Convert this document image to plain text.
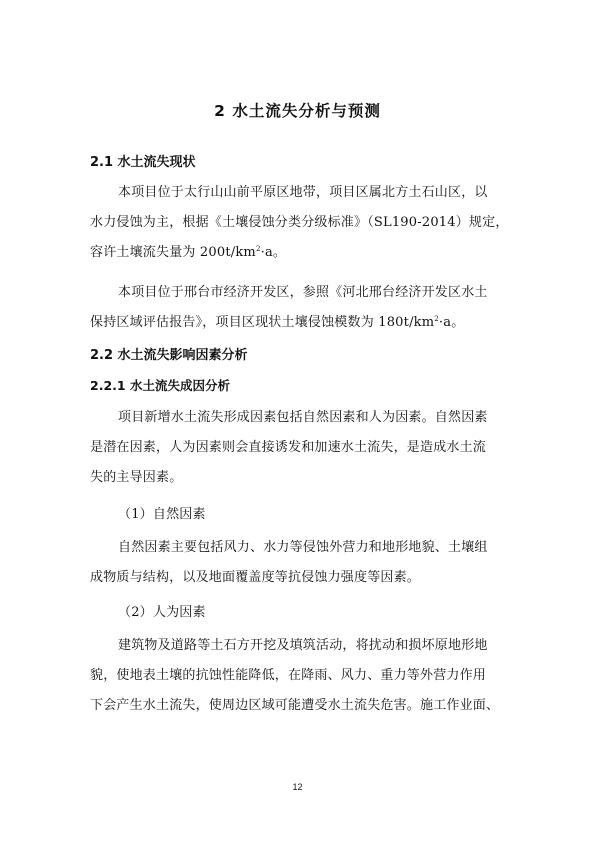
2 水土流失分析与预测
2.1 水土流失现状
本项目位于太行山山前平原区地带，项目区属北方土石山区，以
水力侵蚀为主，根据《土壤侵蚀分类分级标准》（SL190-2014）规定，
容许土壤流失量为 $200t/km^2\cdot a$。
本项目位于邢台市经济开发区，参照《河北邢台经济开发区水土
保持区域评估报告》，项目区现状土壤侵蚀模数为 $180t/km^2\cdot a$。
2.2 水土流失影响因素分析
2.2.1 水土流失成因分析
项目新增水土流失形成因素包括自然因素和人为因素。自然因素
是潜在因素，人为因素则会直接诱发和加速水土流失，是造成水土流
失的主导因素。
（1）自然因素
自然因素主要包括风力、水力等侵蚀外营力和地形地貌、土壤组
成物质与结构，以及地面覆盖度等抗侵蚀力强度等因素。
（2）人为因素
建筑物及道路等土石方开挖及填筑活动，将扰动和损坏原地形地
貌，使地表土壤的抗蚀性能降低，在降雨、风力、重力等外营力作用
下会产生水土流失，使周边区域可能遭受水土流失危害。施工作业面、
12
